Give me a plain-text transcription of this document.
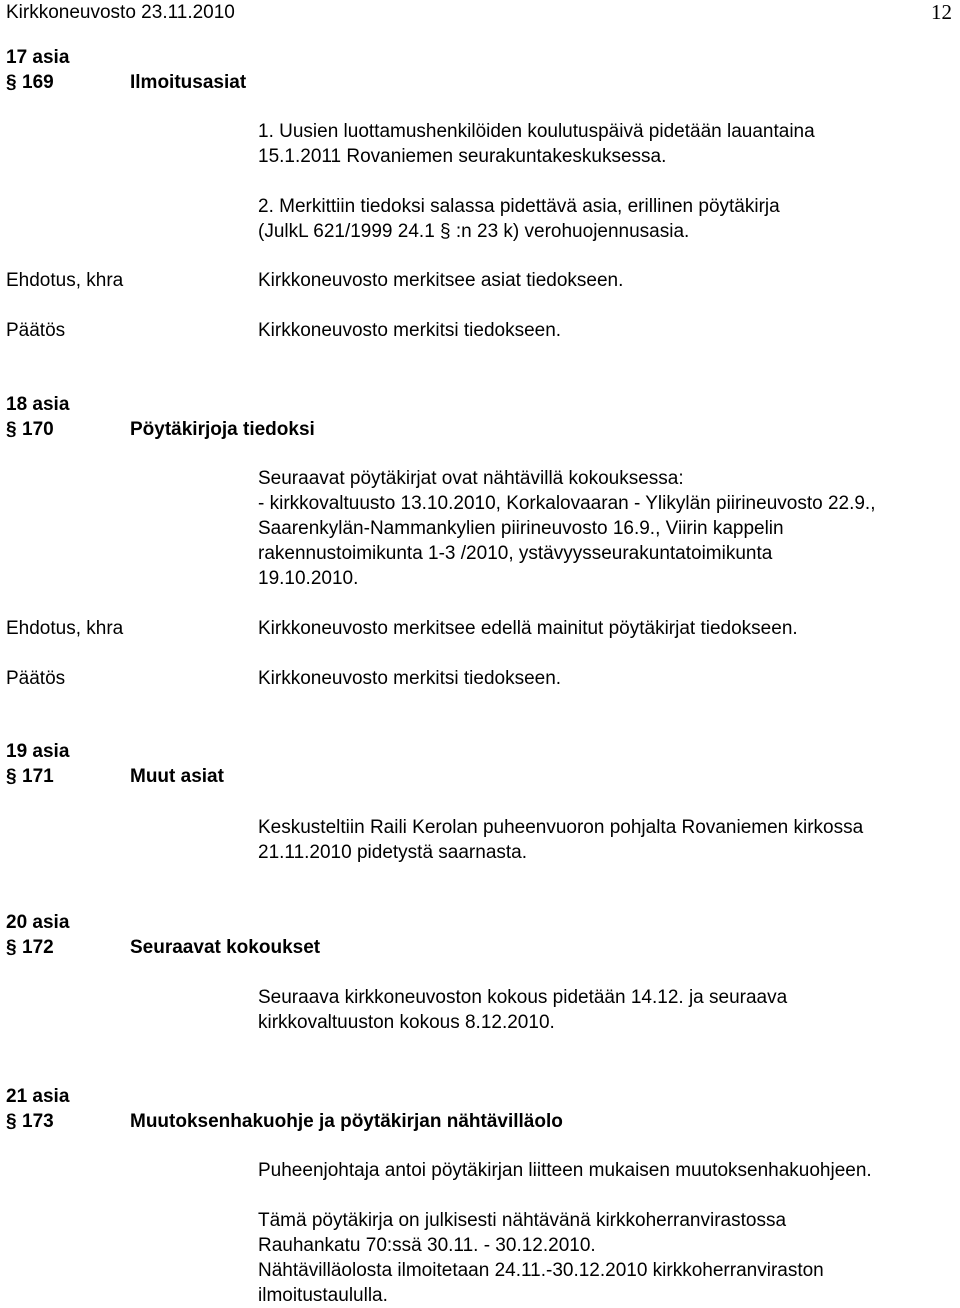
Kirkkoneuvosto 23.11.2010	12
17 asia
§ 169	Ilmoitusasiat
1. Uusien luottamushenkilöiden koulutuspäivä pidetään lauantaina
15.1.2011 Rovaniemen seurakuntakeskuksessa.
2. Merkittiin tiedoksi salassa pidettävä asia, erillinen pöytäkirja
(JulkL 621/1999 24.1 § :n 23 k) verohuojennusasia.
Ehdotus, khra	Kirkkoneuvosto merkitsee asiat tiedokseen.
Päätös	Kirkkoneuvosto merkitsi tiedokseen.
18 asia
§ 170	Pöytäkirjoja tiedoksi
Seuraavat pöytäkirjat ovat nähtävillä kokouksessa:
- kirkkovaltuusto 13.10.2010, Korkalovaaran - Ylikylän piirineuvosto 22.9.,
Saarenkylän-Nammankylien piirineuvosto 16.9., Viirin kappelin
rakennustoimikunta 1-3 /2010, ystävyysseurakuntatoimikunta
19.10.2010.
Ehdotus, khra	Kirkkoneuvosto merkitsee edellä mainitut pöytäkirjat tiedokseen.
Päätös	Kirkkoneuvosto merkitsi tiedokseen.
19 asia
§ 171	Muut asiat
Keskusteltiin Raili Kerolan puheenvuoron pohjalta Rovaniemen kirkossa
21.11.2010 pidetystä saarnasta.
20 asia
§ 172	Seuraavat kokoukset
Seuraava kirkkoneuvoston kokous pidetään 14.12. ja seuraava
kirkkovaltuuston kokous 8.12.2010.
21 asia
§ 173	Muutoksenhakuohje ja pöytäkirjan nähtävilläolo
Puheenjohtaja antoi pöytäkirjan liitteen mukaisen muutoksenhakuohjeen.
Tämä pöytäkirja on julkisesti nähtävänä kirkkoherranvirastossa
Rauhankatu 70:ssä 30.11. - 30.12.2010.
Nähtävilläolosta ilmoitetaan 24.11.-30.12.2010 kirkkoherranviraston
ilmoitustaululla.
